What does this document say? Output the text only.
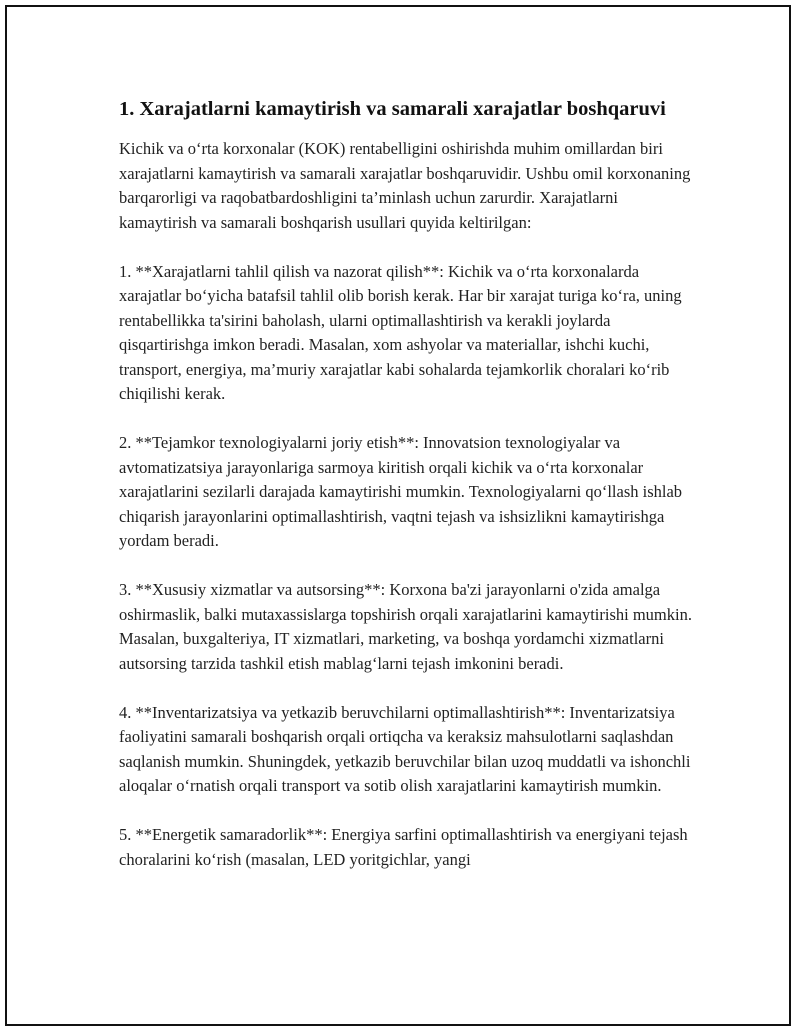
1. Xarajatlarni kamaytirish va samarali xarajatlar boshqaruvi

Kichik va o‘rta korxonalar (KOK) rentabelligini oshirishda muhim omillardan biri xarajatlarni kamaytirish va samarali xarajatlar boshqaruvidir. Ushbu omil korxonaning barqarorligi va raqobatbardoshligini ta’minlash uchun zarurdir. Xarajatlarni kamaytirish va samarali boshqarish usullari quyida keltirilgan:

1. **Xarajatlarni tahlil qilish va nazorat qilish**: Kichik va o‘rta korxonalarda xarajatlar bo‘yicha batafsil tahlil olib borish kerak. Har bir xarajat turiga ko‘ra, uning rentabellikka ta'sirini baholash, ularni optimallashtirish va kerakli joylarda qisqartirishga imkon beradi. Masalan, xom ashyolar va materiallar, ishchi kuchi, transport, energiya, ma’muriy xarajatlar kabi sohalarda tejamkorlik choralari ko‘rib chiqilishi kerak.

2. **Tejamkor texnologiyalarni joriy etish**: Innovatsion texnologiyalar va avtomatizatsiya jarayonlariga sarmoya kiritish orqali kichik va o‘rta korxonalar xarajatlarini sezilarli darajada kamaytirishi mumkin. Texnologiyalarni qo‘llash ishlab chiqarish jarayonlarini optimallashtirish, vaqtni tejash va ishsizlikni kamaytirishga yordam beradi.

3. **Xususiy xizmatlar va autsorsing**: Korxona ba'zi jarayonlarni o'zida amalga oshirmaslik, balki mutaxassislarga topshirish orqali xarajatlarini kamaytirishi mumkin. Masalan, buxgalteriya, IT xizmatlari, marketing, va boshqa yordamchi xizmatlarni autsorsing tarzida tashkil etish mablag‘larni tejash imkonini beradi.

4. **Inventarizatsiya va yetkazib beruvchilarni optimallashtirish**: Inventarizatsiya faoliyatini samarali boshqarish orqali ortiqcha va keraksiz mahsulotlarni saqlashdan saqlanish mumkin. Shuningdek, yetkazib beruvchilar bilan uzoq muddatli va ishonchli aloqalar o‘rnatish orqali transport va sotib olish xarajatlarini kamaytirish mumkin.

5. **Energetik samaradorlik**: Energiya sarfini optimallashtirish va energiyani tejash choralarini ko‘rish (masalan, LED yoritgichlar, yangi
